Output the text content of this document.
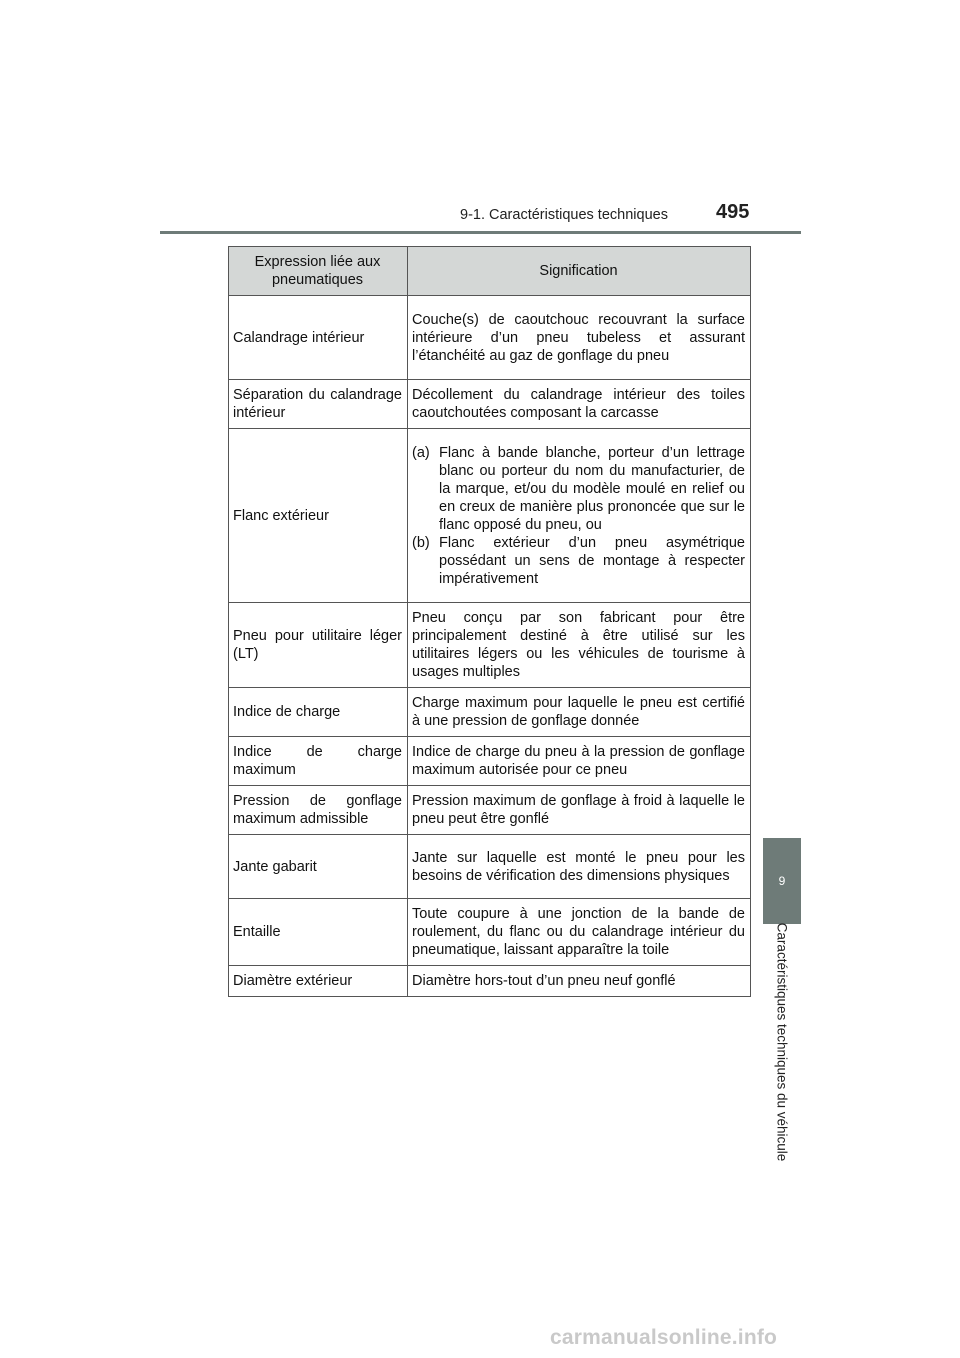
9-1. Caractéristiques techniques 495
9
Caractéristiques techniques du véhicule
Expression liée aux pneumatiques	Signification
Calandrage intérieur	Couche(s) de caoutchouc recouvrant la surface intérieure d’un pneu tubeless et assurant l’étanchéité au gaz de gonflage du pneu
Séparation du calandrage intérieur	Décollement du calandrage intérieur des toiles caoutchoutées composant la carcasse
Flanc extérieur	(a) Flanc à bande blanche, porteur d’un lettrage blanc ou porteur du nom du manufacturier, de la marque, et/ou du modèle moulé en relief ou en creux de manière plus prononcée que sur le flanc opposé du pneu, ou
(b) Flanc extérieur d’un pneu asymétrique possédant un sens de montage à respecter impérativement

Pneu pour utilitaire léger (LT)	Pneu conçu par son fabricant pour être principalement destiné à être utilisé sur les utilitaires légers ou les véhicules de tourisme à usages multiples
Indice de charge	Charge maximum pour laquelle le pneu est certifié à une pression de gonflage donnée
Indice de charge maximum	Indice de charge du pneu à la pression de gonflage maximum autorisée pour ce pneu
Pression de gonflage maximum admissible	Pression maximum de gonflage à froid à laquelle le pneu peut être gonflé
Jante gabarit	Jante sur laquelle est monté le pneu pour les besoins de vérification des dimensions physiques
Entaille	Toute coupure à une jonction de la bande de roulement, du flanc ou du calandrage intérieur du pneumatique, laissant apparaître la toile
Diamètre extérieur	Diamètre hors-tout d’un pneu neuf gonflé
carmanualsonline.info
